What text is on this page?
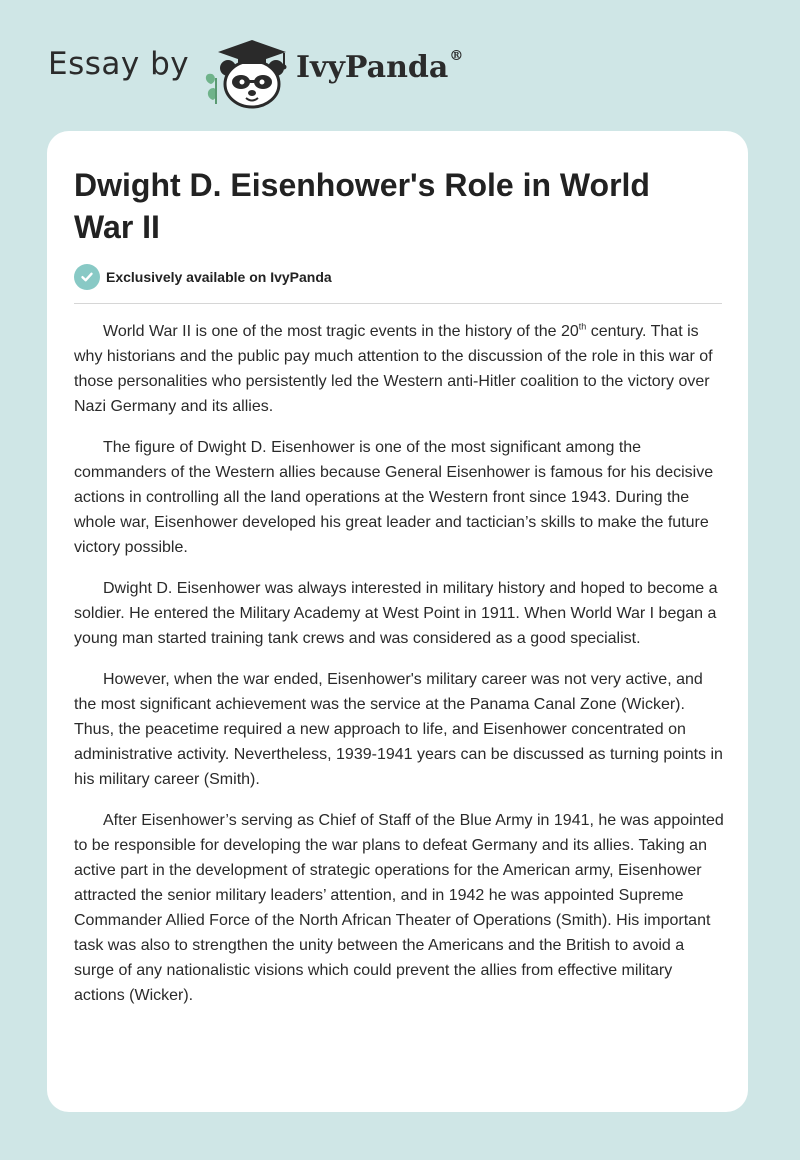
Essay by	IvyPanda®
Dwight D. Eisenhower's Role in World War II
Exclusively available on IvyPanda

World War II is one of the most tragic events in the history of the 20th century. That is why historians and the public pay much attention to the discussion of the role in this war of those personalities who persistently led the Western anti-Hitler coalition to the victory over Nazi Germany and its allies.

The figure of Dwight D. Eisenhower is one of the most significant among the commanders of the Western allies because General Eisenhower is famous for his decisive actions in controlling all the land operations at the Western front since 1943. During the whole war, Eisenhower developed his great leader and tactician’s skills to make the future victory possible.

Dwight D. Eisenhower was always interested in military history and hoped to become a soldier. He entered the Military Academy at West Point in 1911. When World War I began a young man started training tank crews and was considered as a good specialist.

However, when the war ended, Eisenhower's military career was not very active, and the most significant achievement was the service at the Panama Canal Zone (Wicker). Thus, the peacetime required a new approach to life, and Eisenhower concentrated on administrative activity. Nevertheless, 1939-1941 years can be discussed as turning points in his military career (Smith).

After Eisenhower’s serving as Chief of Staff of the Blue Army in 1941, he was appointed to be responsible for developing the war plans to defeat Germany and its allies. Taking an active part in the development of strategic operations for the American army, Eisenhower attracted the senior military leaders’ attention, and in 1942 he was appointed Supreme Commander Allied Force of the North African Theater of Operations (Smith). His important task was also to strengthen the unity between the Americans and the British to avoid a surge of any nationalistic visions which could prevent the allies from effective military actions (Wicker).
